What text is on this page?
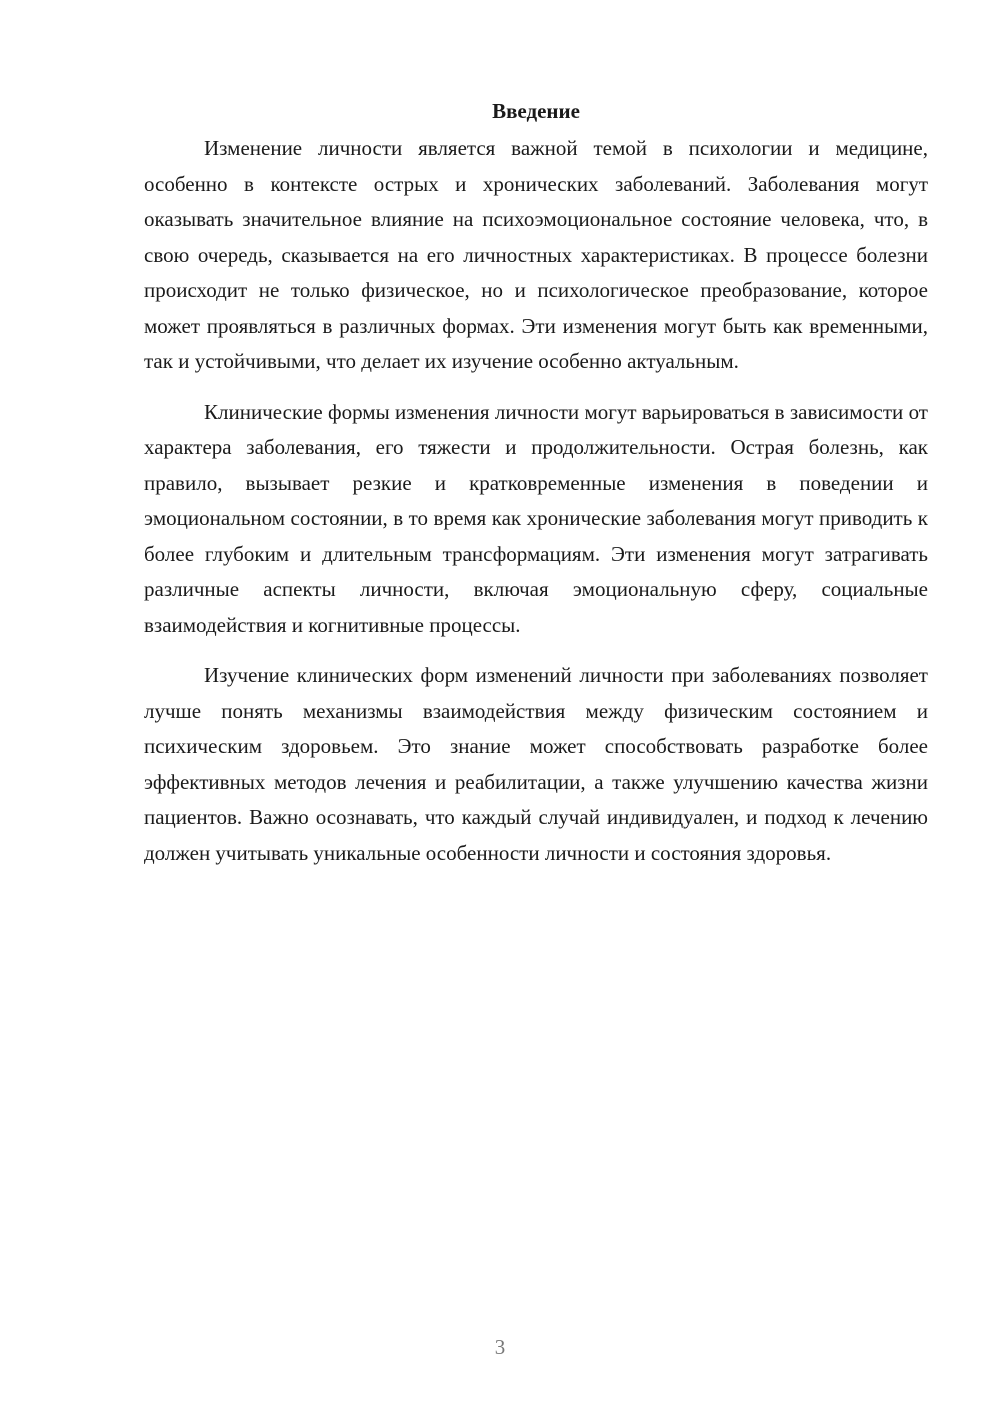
Введение

Изменение личности является важной темой в психологии и медицине, особенно в контексте острых и хронических заболеваний. Заболевания могут оказывать значительное влияние на психоэмоциональное состояние человека, что, в свою очередь, сказывается на его личностных характеристиках. В процессе болезни происходит не только физическое, но и психологическое преобразование, которое может проявляться в различных формах. Эти изменения могут быть как временными, так и устойчивыми, что делает их изучение особенно актуальным.

Клинические формы изменения личности могут варьироваться в зависимости от характера заболевания, его тяжести и продолжительности. Острая болезнь, как правило, вызывает резкие и кратковременные изменения в поведении и эмоциональном состоянии, в то время как хронические заболевания могут приводить к более глубоким и длительным трансформациям. Эти изменения могут затрагивать различные аспекты личности, включая эмоциональную сферу, социальные взаимодействия и когнитивные процессы.

Изучение клинических форм изменений личности при заболеваниях позволяет лучше понять механизмы взаимодействия между физическим состоянием и психическим здоровьем. Это знание может способствовать разработке более эффективных методов лечения и реабилитации, а также улучшению качества жизни пациентов. Важно осознавать, что каждый случай индивидуален, и подход к лечению должен учитывать уникальные особенности личности и состояния здоровья.

3
